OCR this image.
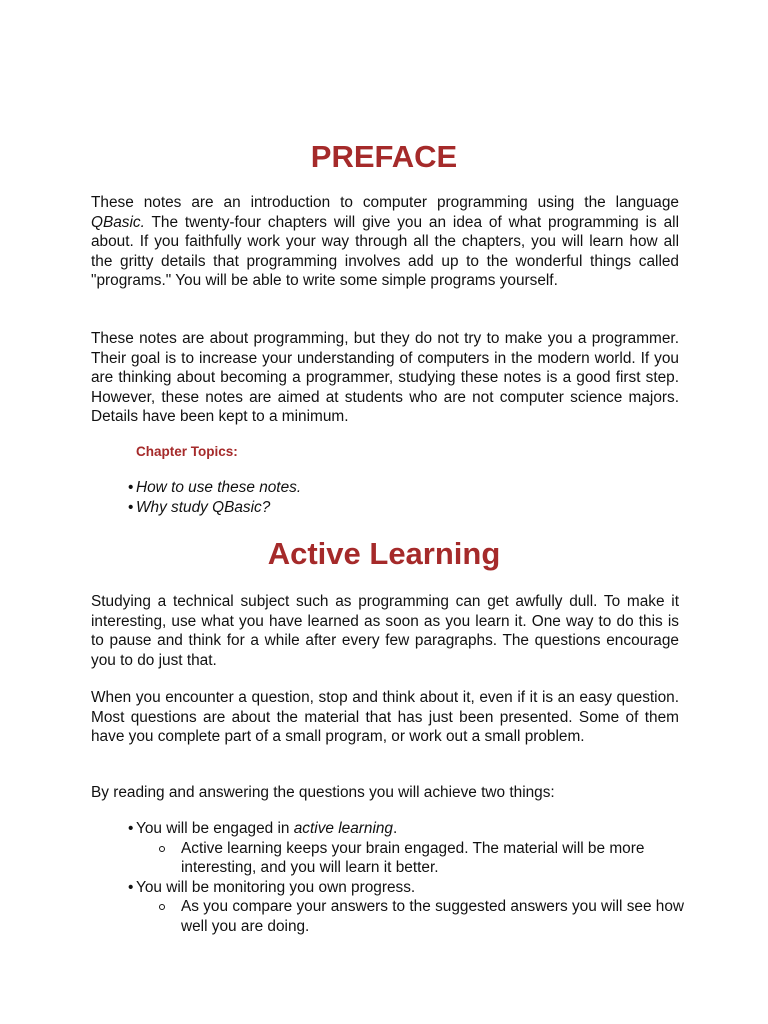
PREFACE

These notes are an introduction to computer programming using the language QBasic. The twenty-four chapters will give you an idea of what programming is all about. If you faithfully work your way through all the chapters, you will learn how all the gritty details that programming involves add up to the wonderful things called "programs." You will be able to write some simple programs yourself.

These notes are about programming, but they do not try to make you a programmer. Their goal is to increase your understanding of computers in the modern world. If you are thinking about becoming a programmer, studying these notes is a good first step. However, these notes are aimed at students who are not computer science majors. Details have been kept to a minimum.

Chapter Topics:
• How to use these notes.
• Why study QBasic?
Active Learning

Studying a technical subject such as programming can get awfully dull. To make it interesting, use what you have learned as soon as you learn it. One way to do this is to pause and think for a while after every few paragraphs. The questions encourage you to do just that.

When you encounter a question, stop and think about it, even if it is an easy question. Most questions are about the material that has just been presented. Some of them have you complete part of a small program, or work out a small problem.

By reading and answering the questions you will achieve two things:

• You will be engaged in active learning.
Active learning keeps your brain engaged. The material will be more interesting, and you will learn it better.
• You will be monitoring you own progress.
As you compare your answers to the suggested answers you will see how well you are doing.
